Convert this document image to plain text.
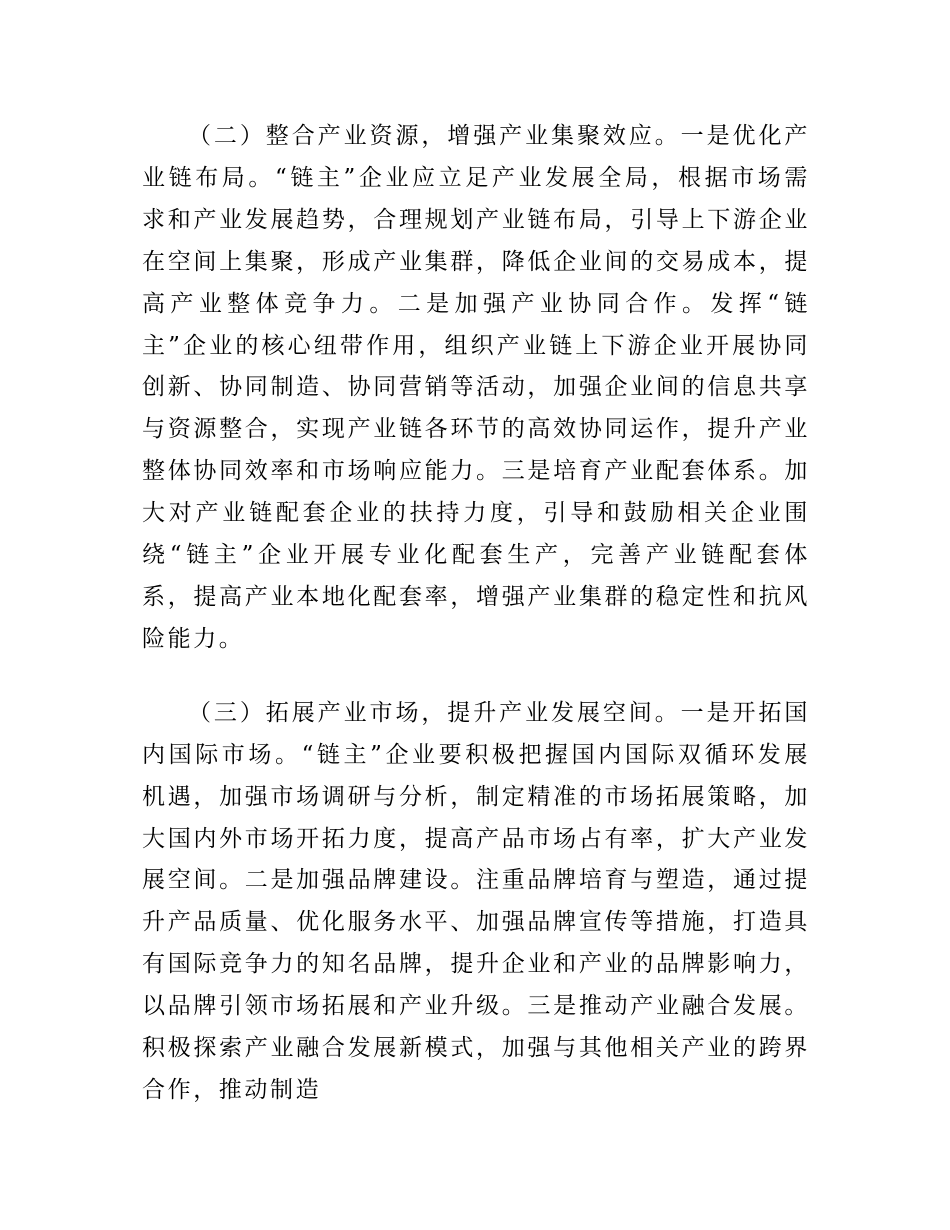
（二）整合产业资源，增强产业集聚效应。一是优化产业链布局。“链主”企业应立足产业发展全局，根据市场需求和产业发展趋势，合理规划产业链布局，引导上下游企业在空间上集聚，形成产业集群，降低企业间的交易成本，提高产业整体竞争力。二是加强产业协同合作。发挥“链主”企业的核心纽带作用，组织产业链上下游企业开展协同创新、协同制造、协同营销等活动，加强企业间的信息共享与资源整合，实现产业链各环节的高效协同运作，提升产业整体协同效率和市场响应能力。三是培育产业配套体系。加大对产业链配套企业的扶持力度，引导和鼓励相关企业围绕“链主”企业开展专业化配套生产，完善产业链配套体系，提高产业本地化配套率，增强产业集群的稳定性和抗风险能力。

（三）拓展产业市场，提升产业发展空间。一是开拓国内国际市场。“链主”企业要积极把握国内国际双循环发展机遇，加强市场调研与分析，制定精准的市场拓展策略，加大国内外市场开拓力度，提高产品市场占有率，扩大产业发展空间。二是加强品牌建设。注重品牌培育与塑造，通过提升产品质量、优化服务水平、加强品牌宣传等措施，打造具有国际竞争力的知名品牌，提升企业和产业的品牌影响力，以品牌引领市场拓展和产业升级。三是推动产业融合发展。积极探索产业融合发展新模式，加强与其他相关产业的跨界合作，推动制造
